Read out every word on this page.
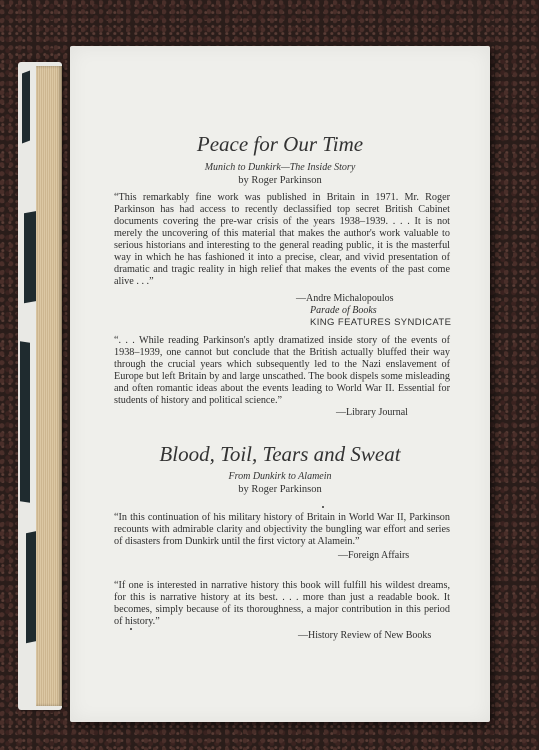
Peace for Our Time
Munich to Dunkirk—The Inside Story
by Roger Parkinson
“This remarkably fine work was published in Britain in 1971. Mr. Roger Parkinson has had access to recently declassified top secret British Cabinet documents covering the pre-war crisis of the years 1938–1939. . . . It is not merely the uncovering of this material that makes the author's work valuable to serious historians and interesting to the general reading public, it is the masterful way in which he has fashioned it into a precise, clear, and vivid presentation of dramatic and tragic reality in high relief that makes the events of the past come alive . . .”
—Andre Michalopoulos
Parade of Books
KING FEATURES SYNDICATE
“. . . While reading Parkinson's aptly dramatized inside story of the events of 1938–1939, one cannot but conclude that the British actually bluffed their way through the crucial years which subsequently led to the Nazi enslavement of Europe but left Britain by and large unscathed. The book dispels some misleading and often romantic ideas about the events leading to World War II. Essential for students of history and political science.”
—Library Journal
Blood, Toil, Tears and Sweat
From Dunkirk to Alamein
by Roger Parkinson
“In this continuation of his military history of Britain in World War II, Parkinson recounts with admirable clarity and objectivity the bungling war effort and series of disasters from Dunkirk until the first victory at Alamein.”
—Foreign Affairs
“If one is interested in narrative history this book will fulfill his wildest dreams, for this is narrative history at its best. . . . more than just a readable book. It becomes, simply because of its thoroughness, a major contribution in this period of history.”
—History Review of New Books
